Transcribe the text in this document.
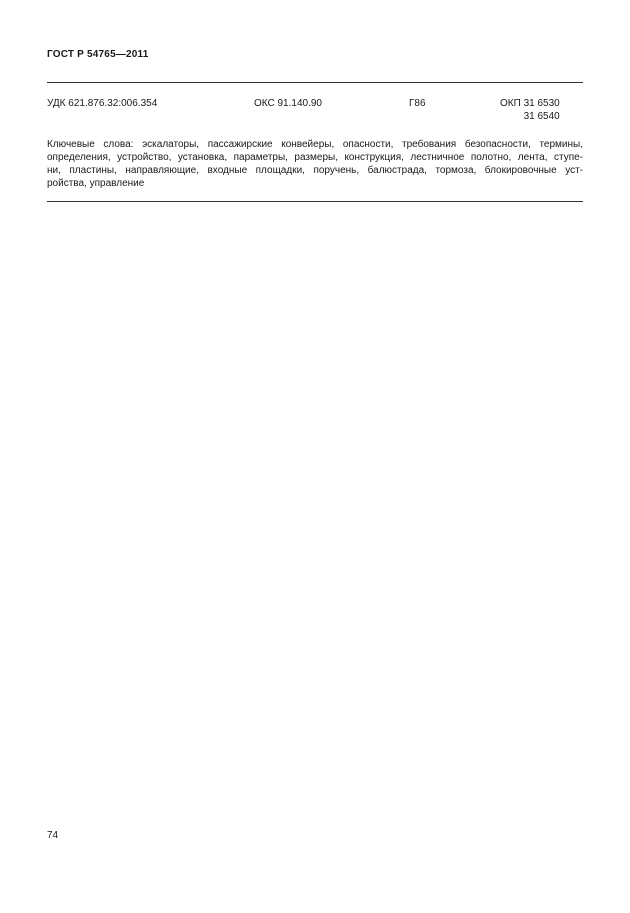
ГОСТ Р 54765—2011
УДК 621.876.32:006.354	ОКС 91.140.90	Г86	ОКП 31 6530
31 6540
Ключевые слова: эскалаторы, пассажирские конвейеры, опасности, требования безопасности, термины,
определения, устройство, установка, параметры, размеры, конструкция, лестничное полотно, лента, ступе-
ни, пластины, направляющие, входные площадки, поручень, балюстрада, тормоза, блокировочные уст-
ройства, управление
74
